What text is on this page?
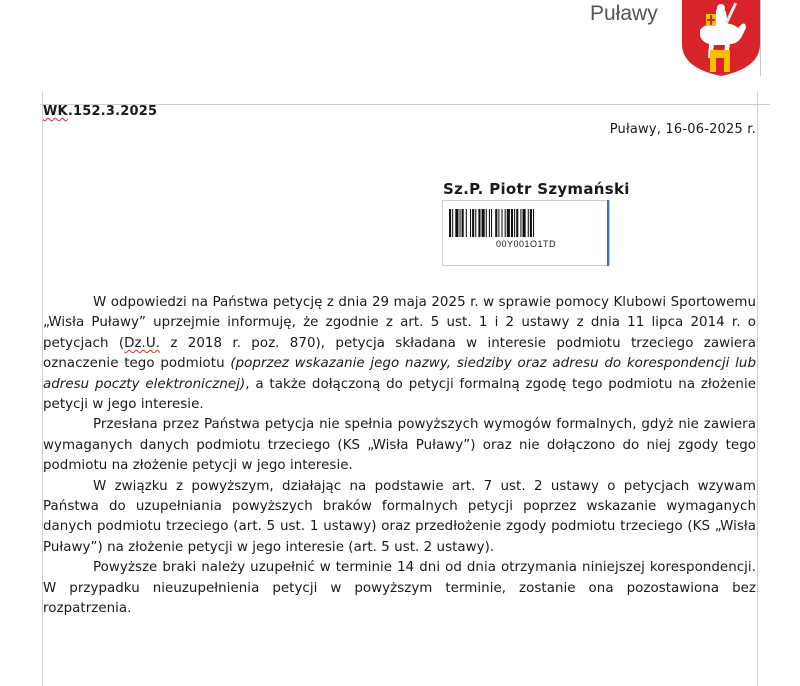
Puławy
WK.152.3.2025
Puławy, 16-06-2025 r.
Sz.P. Piotr Szymański
00Y001O1TD

W odpowiedzi na Państwa petycję z dnia 29 maja 2025 r. w sprawie pomocy Klubowi Sportowemu „Wisła Puławy” uprzejmie informuję, że zgodnie z art. 5 ust. 1 i 2 ustawy z dnia 11 lipca 2014 r. o petycjach (Dz.U. z 2018 r. poz. 870), petycja składana w interesie podmiotu trzeciego zawiera oznaczenie tego podmiotu (poprzez wskazanie jego nazwy, siedziby oraz adresu do korespondencji lub adresu poczty elektronicznej), a także dołączoną do petycji formalną zgodę tego podmiotu na złożenie petycji w jego interesie.

Przesłana przez Państwa petycja nie spełnia powyższych wymogów formalnych, gdyż nie zawiera wymaganych danych podmiotu trzeciego (KS „Wisła Puławy”) oraz nie dołączono do niej zgody tego podmiotu na złożenie petycji w jego interesie.

W związku z powyższym, działając na podstawie art. 7 ust. 2 ustawy o petycjach wzywam Państwa do uzupełniania powyższych braków formalnych petycji poprzez wskazanie wymaganych danych podmiotu trzeciego (art. 5 ust. 1 ustawy) oraz przedłożenie zgody podmiotu trzeciego (KS „Wisła Puławy”) na złożenie petycji w jego interesie (art. 5 ust. 2 ustawy).

Powyższe braki należy uzupełnić w terminie 14 dni od dnia otrzymania niniejszej korespondencji. W przypadku nieuzupełnienia petycji w powyższym terminie, zostanie ona pozostawiona bez rozpatrzenia.
